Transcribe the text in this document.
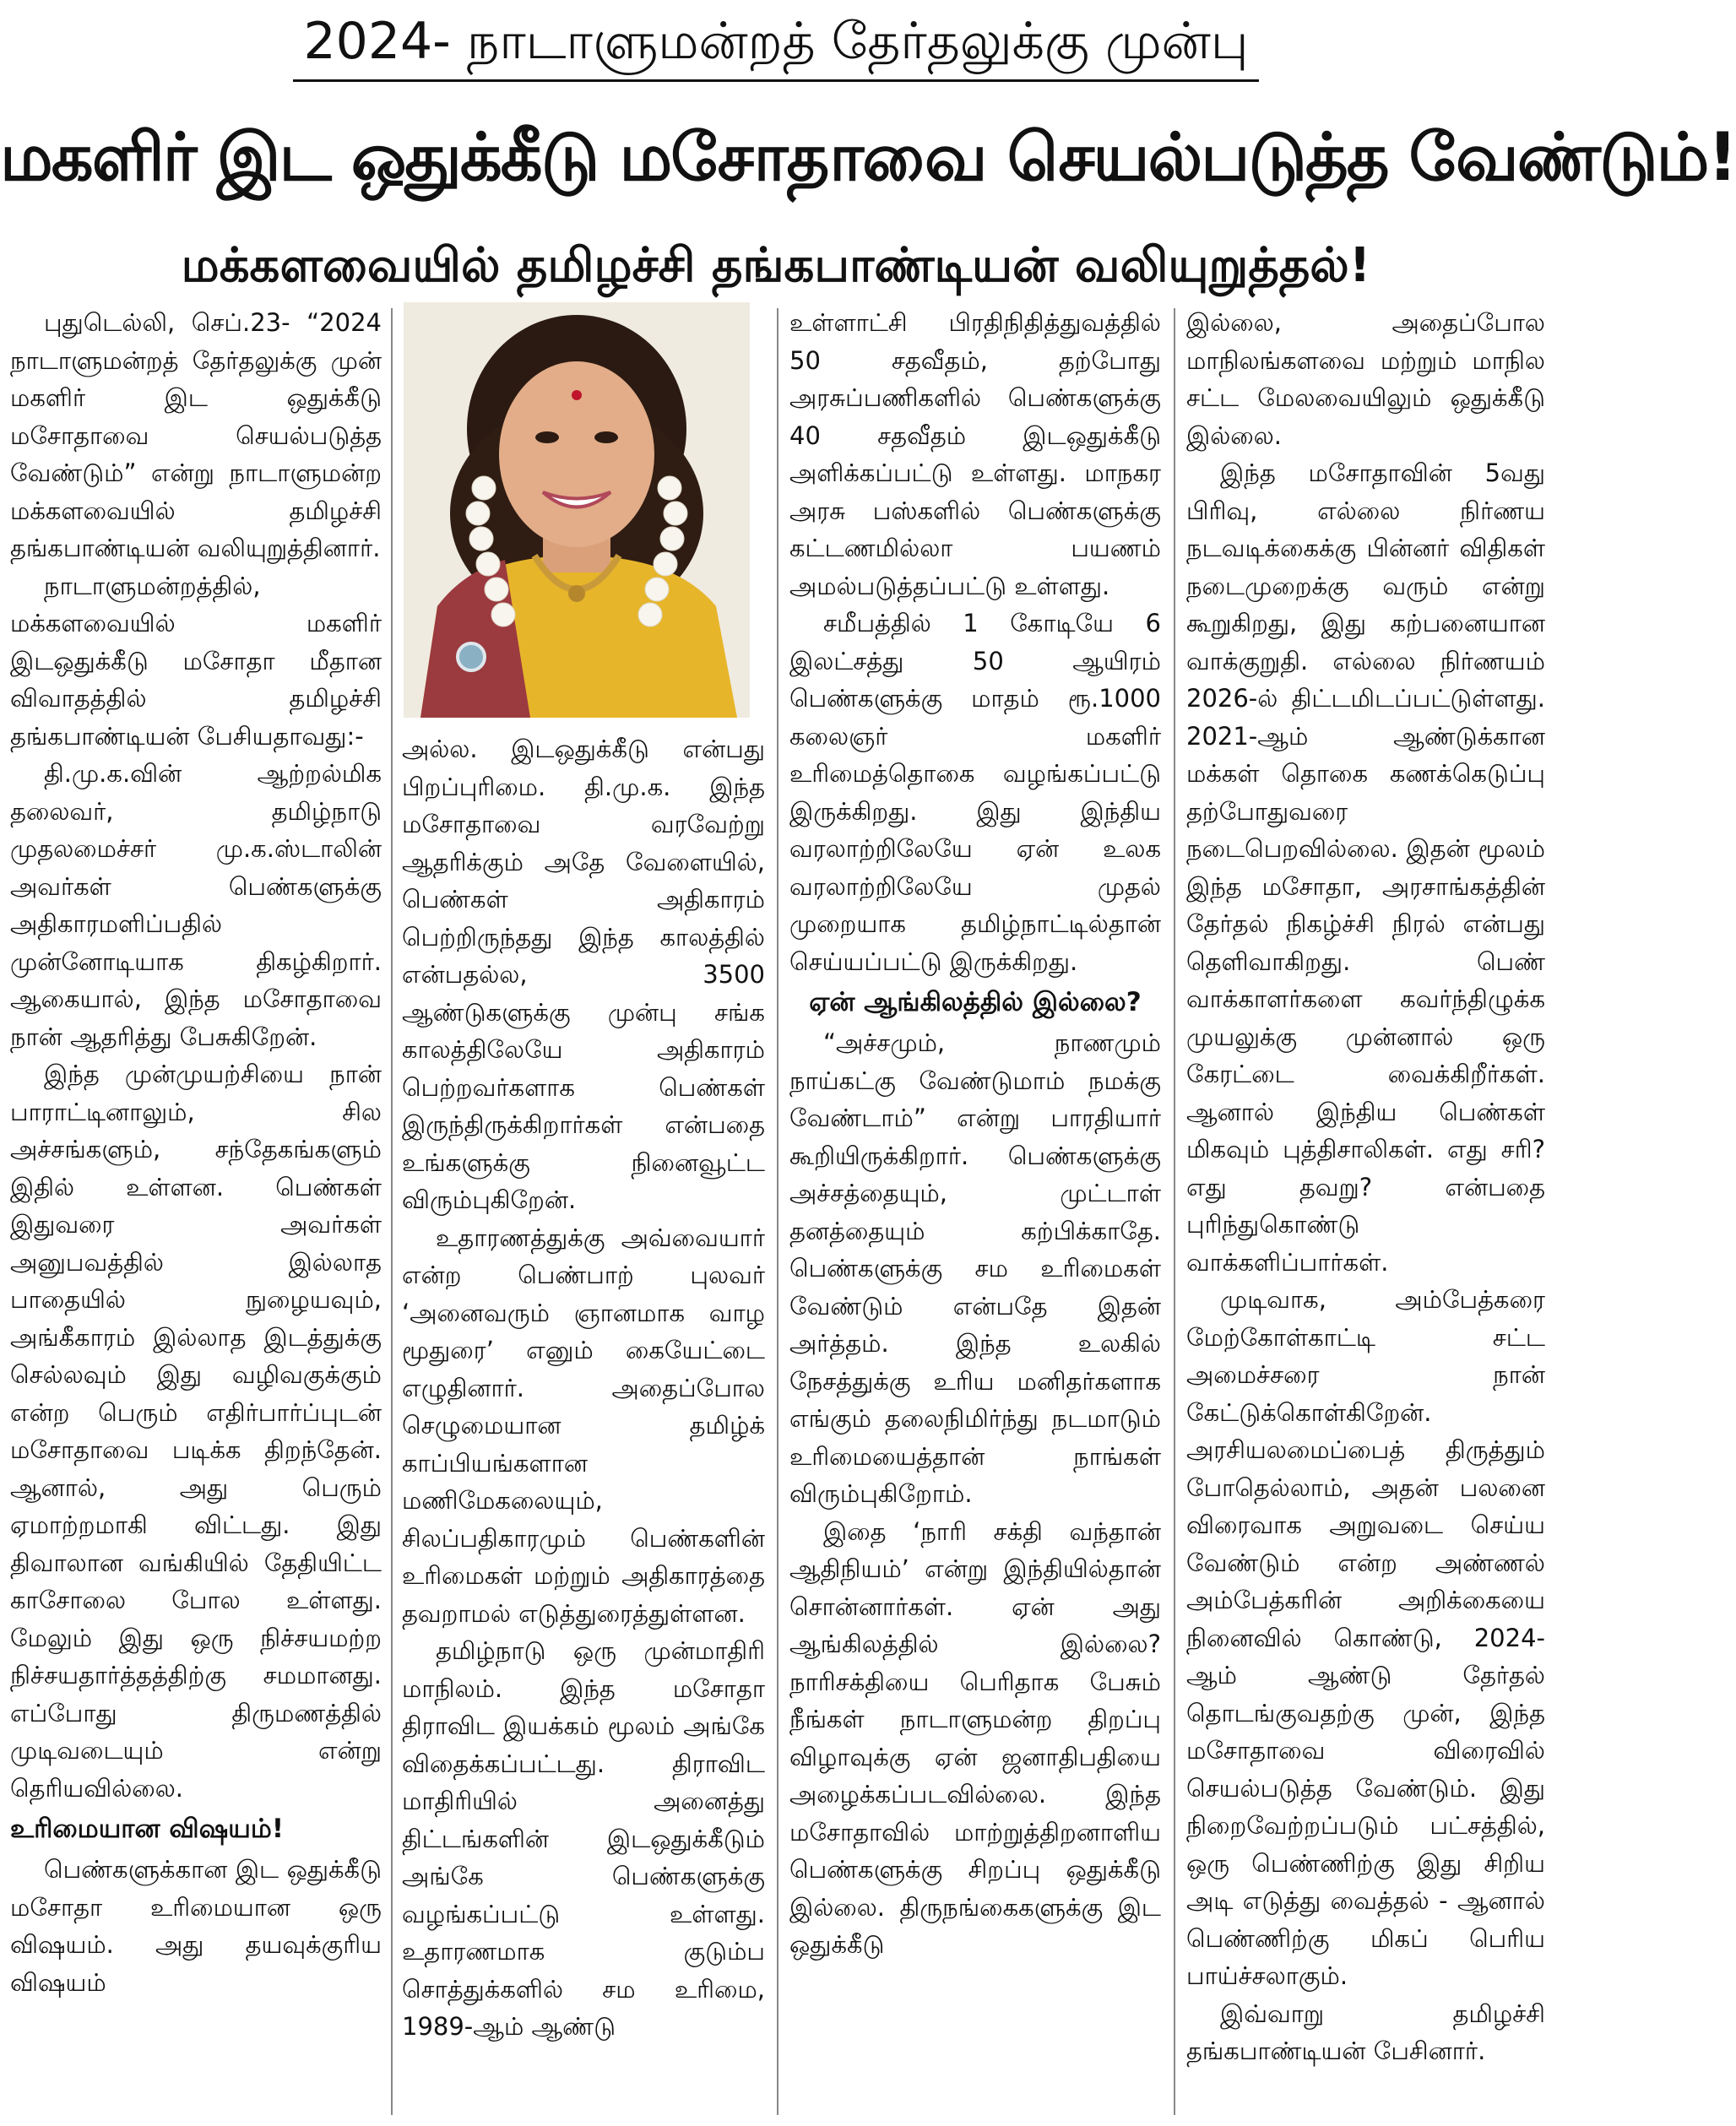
2024- நாடாளுமன்றத் தேர்தலுக்கு முன்பு
மகளிர் இட ஒதுக்கீடு மசோதாவை செயல்படுத்த வேண்டும்!
மக்களவையில் தமிழச்சி தங்கபாண்டியன் வலியுறுத்தல்!

புதுடெல்லி, செப்.23- “2024 நாடாளுமன்றத் தேர்தலுக்கு முன் மகளிர் இட ஒதுக்கீடு மசோதாவை செயல்படுத்த வேண்டும்” என்று நாடாளுமன்ற மக்களவையில் தமிழச்சி தங்கபாண்டியன் வலியுறுத்தினார்.

நாடாளுமன்றத்தில், மக்களவையில் மகளிர் இடஒதுக்கீடு மசோதா மீதான விவாதத்தில் தமிழச்சி தங்கபாண்டியன் பேசியதாவது:-

தி.மு.க.வின் ஆற்றல்மிக தலைவர், தமிழ்நாடு முதலமைச்சர் மு.க.ஸ்டாலின் அவர்கள் பெண்களுக்கு அதிகாரமளிப்பதில் முன்னோடியாக திகழ்கிறார். ஆகையால், இந்த மசோதாவை நான் ஆதரித்து பேசுகிறேன்.

இந்த முன்முயற்சியை நான் பாராட்டினாலும், சில அச்சங்களும், சந்தேகங்களும் இதில் உள்ளன. பெண்கள் இதுவரை அவர்கள் அனுபவத்தில் இல்லாத பாதையில் நுழையவும், அங்கீகாரம் இல்லாத இடத்துக்கு செல்லவும் இது வழிவகுக்கும் என்ற பெரும் எதிர்பார்ப்புடன் மசோதாவை படிக்க திறந்தேன். ஆனால், அது பெரும் ஏமாற்றமாகி விட்டது. இது திவாலான வங்கியில் தேதியிட்ட காசோலை போல உள்ளது. மேலும் இது ஒரு நிச்சயமற்ற நிச்சயதார்த்தத்திற்கு சமமானது. எப்போது திருமணத்தில் முடிவடையும் என்று தெரியவில்லை.

உரிமையான விஷயம்!

பெண்களுக்கான இட ஒதுக்கீடு மசோதா உரிமையான ஒரு விஷயம். அது தயவுக்குரிய விஷயம்

அல்ல. இடஒதுக்கீடு என்பது பிறப்புரிமை. தி.மு.க. இந்த மசோதாவை வரவேற்று ஆதரிக்கும் அதே வேளையில், பெண்கள் அதிகாரம் பெற்றிருந்தது இந்த காலத்தில் என்பதல்ல, 3500 ஆண்டுகளுக்கு முன்பு சங்க காலத்திலேயே அதிகாரம் பெற்றவர்களாக பெண்கள் இருந்திருக்கிறார்கள் என்பதை உங்களுக்கு நினைவூட்ட விரும்புகிறேன்.

உதாரணத்துக்கு அவ்வையார் என்ற பெண்பாற் புலவர் ‘அனைவரும் ஞானமாக வாழ மூதுரை’ எனும் கையேட்டை எழுதினார். அதைப்போல செழுமையான தமிழ்க் காப்பியங்களான மணிமேகலையும், சிலப்பதிகாரமும் பெண்களின் உரிமைகள் மற்றும் அதிகாரத்தை தவறாமல் எடுத்துரைத்துள்ளன.

தமிழ்நாடு ஒரு முன்மாதிரி மாநிலம். இந்த மசோதா திராவிட இயக்கம் மூலம் அங்கே விதைக்கப்பட்டது. திராவிட மாதிரியில் அனைத்து திட்டங்களின் இடஒதுக்கீடும் அங்கே பெண்களுக்கு வழங்கப்பட்டு உள்ளது. உதாரணமாக குடும்ப சொத்துக்களில் சம உரிமை, 1989-ஆம் ஆண்டு

உள்ளாட்சி பிரதிநிதித்துவத்தில் 50 சதவீதம், தற்போது அரசுப்பணிகளில் பெண்களுக்கு 40 சதவீதம் இடஒதுக்கீடு அளிக்கப்பட்டு உள்ளது. மாநகர அரசு பஸ்களில் பெண்களுக்கு கட்டணமில்லா பயணம் அமல்படுத்தப்பட்டு உள்ளது.

சமீபத்தில் 1 கோடியே 6 இலட்சத்து 50 ஆயிரம் பெண்களுக்கு மாதம் ரூ.1000 கலைஞர் மகளிர் உரிமைத்தொகை வழங்கப்பட்டு இருக்கிறது. இது இந்திய வரலாற்றிலேயே ஏன் உலக வரலாற்றிலேயே முதல் முறையாக தமிழ்நாட்டில்தான் செய்யப்பட்டு இருக்கிறது.

ஏன் ஆங்கிலத்தில் இல்லை?

“அச்சமும், நாணமும் நாய்கட்கு வேண்டுமாம் நமக்கு வேண்டாம்” என்று பாரதியார் கூறியிருக்கிறார். பெண்களுக்கு அச்சத்தையும், முட்டாள் தனத்தையும் கற்பிக்காதே. பெண்களுக்கு சம உரிமைகள் வேண்டும் என்பதே இதன் அர்த்தம். இந்த உலகில் நேசத்துக்கு உரிய மனிதர்களாக எங்கும் தலைநிமிர்ந்து நடமாடும் உரிமையைத்தான் நாங்கள் விரும்புகிறோம்.

இதை ‘நாரி சக்தி வந்தான் ஆதிநியம்’ என்று இந்தியில்தான் சொன்னார்கள். ஏன் அது ஆங்கிலத்தில் இல்லை? நாரிசக்தியை பெரிதாக பேசும் நீங்கள் நாடாளுமன்ற திறப்பு விழாவுக்கு ஏன் ஜனாதிபதியை அழைக்கப்படவில்லை. இந்த மசோதாவில் மாற்றுத்திறனாளிய பெண்களுக்கு சிறப்பு ஒதுக்கீடு இல்லை. திருநங்கைகளுக்கு இட ஒதுக்கீடு

இல்லை, அதைப்போல மாநிலங்களவை மற்றும் மாநில சட்ட மேலவையிலும் ஒதுக்கீடு இல்லை.

இந்த மசோதாவின் 5வது பிரிவு, எல்லை நிர்ணய நடவடிக்கைக்கு பின்னர் விதிகள் நடைமுறைக்கு வரும் என்று கூறுகிறது, இது கற்பனையான வாக்குறுதி. எல்லை நிர்ணயம் 2026-ல் திட்டமிடப்பட்டுள்ளது. 2021-ஆம் ஆண்டுக்கான மக்கள் தொகை கணக்கெடுப்பு தற்போதுவரை நடைபெறவில்லை. இதன் மூலம் இந்த மசோதா, அரசாங்கத்தின் தேர்தல் நிகழ்ச்சி நிரல் என்பது தெளிவாகிறது. பெண் வாக்காளர்களை கவர்ந்திழுக்க முயலுக்கு முன்னால் ஒரு கேரட்டை வைக்கிறீர்கள். ஆனால் இந்திய பெண்கள் மிகவும் புத்திசாலிகள். எது சரி? எது தவறு? என்பதை புரிந்துகொண்டு வாக்களிப்பார்கள்.

முடிவாக, அம்பேத்கரை மேற்கோள்காட்டி சட்ட அமைச்சரை நான் கேட்டுக்கொள்கிறேன். அரசியலமைப்பைத் திருத்தும் போதெல்லாம், அதன் பலனை விரைவாக அறுவடை செய்ய வேண்டும் என்ற அண்ணல் அம்பேத்கரின் அறிக்கையை நினைவில் கொண்டு, 2024-ஆம் ஆண்டு தேர்தல் தொடங்குவதற்கு முன், இந்த மசோதாவை விரைவில் செயல்படுத்த வேண்டும். இது நிறைவேற்றப்படும் பட்சத்தில், ஒரு பெண்ணிற்கு இது சிறிய அடி எடுத்து வைத்தல் - ஆனால் பெண்ணிற்கு மிகப் பெரிய பாய்ச்சலாகும்.

இவ்வாறு தமிழச்சி தங்கபாண்டியன் பேசினார்.
